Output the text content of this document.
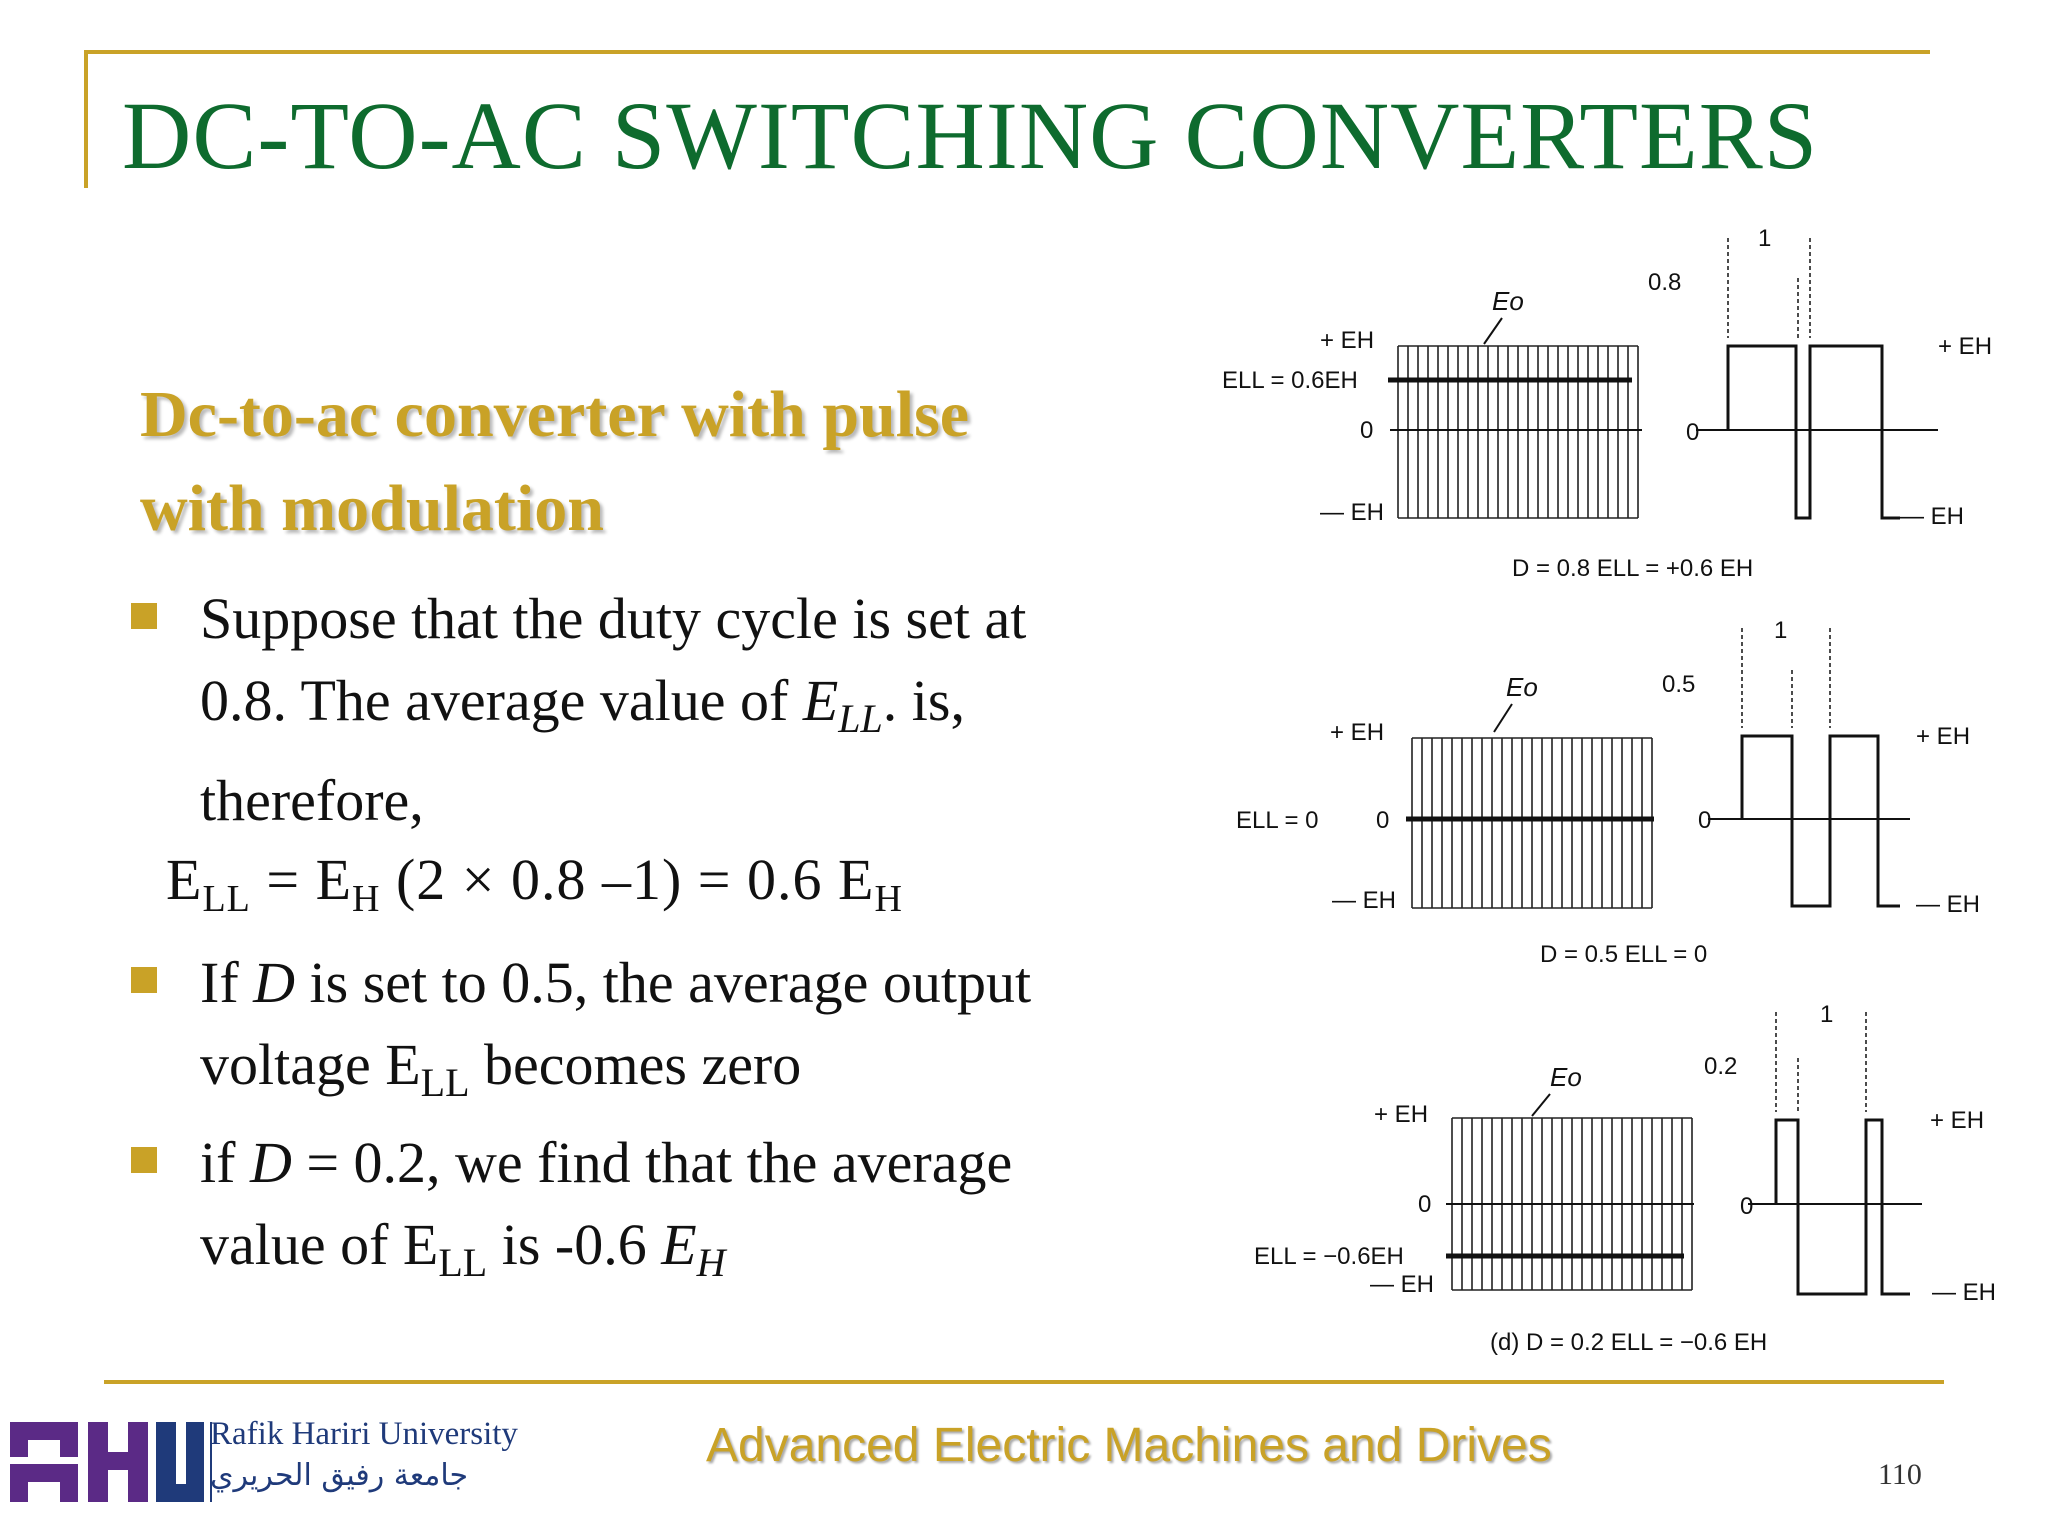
DC-TO-AC SWITCHING CONVERTERS
Dc-to-ac converter with pulse
with modulation
Suppose that the duty cycle is set at
0.8. The average value of $E_{LL}$. is,
therefore,
$E_{LL} = E_H$ (2 × 0.8 –1) = 0.6 $E_H$
If D is set to 0.5, the average output
voltage $E_{LL}$ becomes zero
if D = 0.2, we find that the average
value of $E_{LL}$ is -0.6 $E_H$
+ EH
ELL = 0.6EH
0
— EH
Eo
0
+ EH
— EH
0.8
1
D = 0.8 ELL = +0.6 EH
+ EH
ELL = 0 0
— EH
Eo
0
+ EH
— EH
0.5
1
D = 0.5 ELL = 0
+ EH
0
ELL = −0.6EH
— EH
Eo
0
+ EH
— EH
0.2
1
(d) D = 0.2 ELL = −0.6 EH
Rafik Hariri University
جامعة رفيق الحريري
Advanced Electric Machines and Drives
110
